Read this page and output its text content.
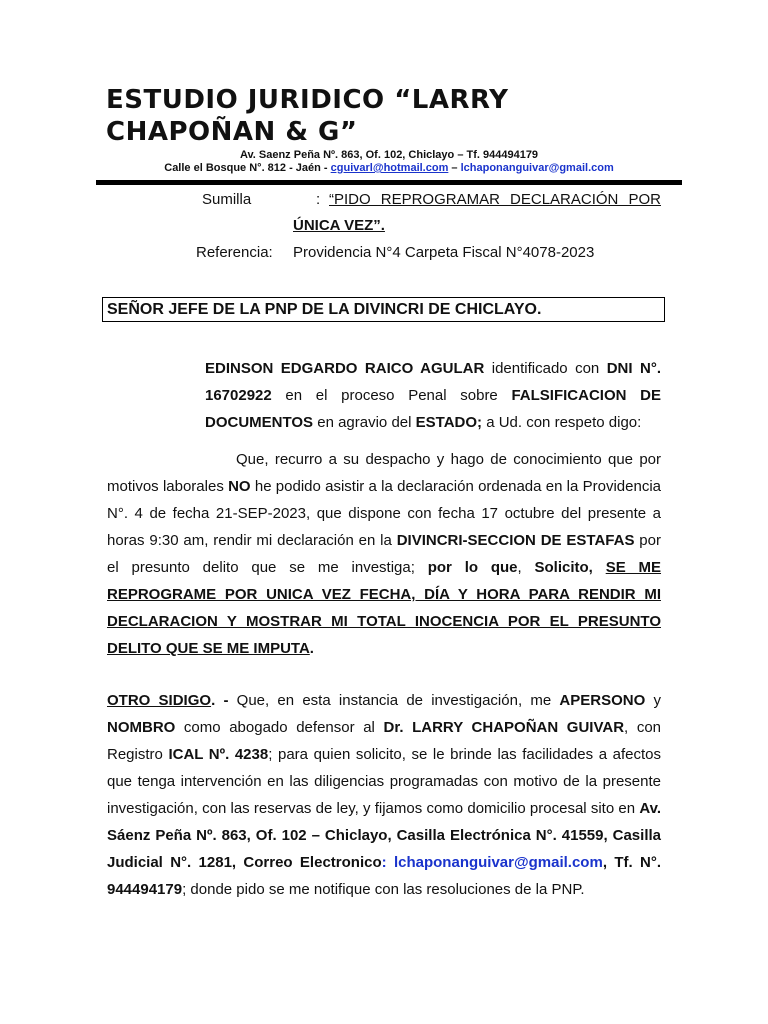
ESTUDIO JURIDICO “LARRY CHAPOÑAN & G”
Av. Saenz Peña Nº. 863, Of. 102, Chiclayo – Tf. 944494179
Calle el Bosque N°. 812 - Jaén - cguivarl@hotmail.com – lchaponanguivar@gmail.com
Sumilla	: “PIDO REPROGRAMAR DECLARACIÓN POR
ÚNICA VEZ”.
Referencia: Providencia N°4 Carpeta Fiscal N°4078-2023
SEÑOR JEFE DE LA PNP DE LA DIVINCRI DE CHICLAYO.

EDINSON EDGARDO RAICO AGULAR identificado con DNI N°. 16702922 en el proceso Penal sobre FALSIFICACION DE DOCUMENTOS en agravio del ESTADO; a Ud. con respeto digo:

Que, recurro a su despacho y hago de conocimiento que por motivos laborales NO he podido asistir a la declaración ordenada en la Providencia N°. 4 de fecha 21-SEP-2023, que dispone con fecha 17 octubre del presente a horas 9:30 am, rendir mi declaración en la DIVINCRI-SECCION DE ESTAFAS por el presunto delito que se me investiga; por lo que, Solicito, SE ME REPROGRAME POR UNICA VEZ FECHA, DÍA Y HORA PARA RENDIR MI DECLARACION Y MOSTRAR MI TOTAL INOCENCIA POR EL PRESUNTO DELITO QUE SE ME IMPUTA.

OTRO SIDIGO. - Que, en esta instancia de investigación, me APERSONO y NOMBRO como abogado defensor al Dr. LARRY CHAPOÑAN GUIVAR, con Registro ICAL Nº. 4238; para quien solicito, se le brinde las facilidades a afectos que tenga intervención en las diligencias programadas con motivo de la presente investigación, con las reservas de ley, y fijamos como domicilio procesal sito en Av. Sáenz Peña Nº. 863, Of. 102 – Chiclayo, Casilla Electrónica N°. 41559, Casilla Judicial N°. 1281, Correo Electronico: lchaponanguivar@gmail.com, Tf. N°. 944494179; donde pido se me notifique con las resoluciones de la PNP.
